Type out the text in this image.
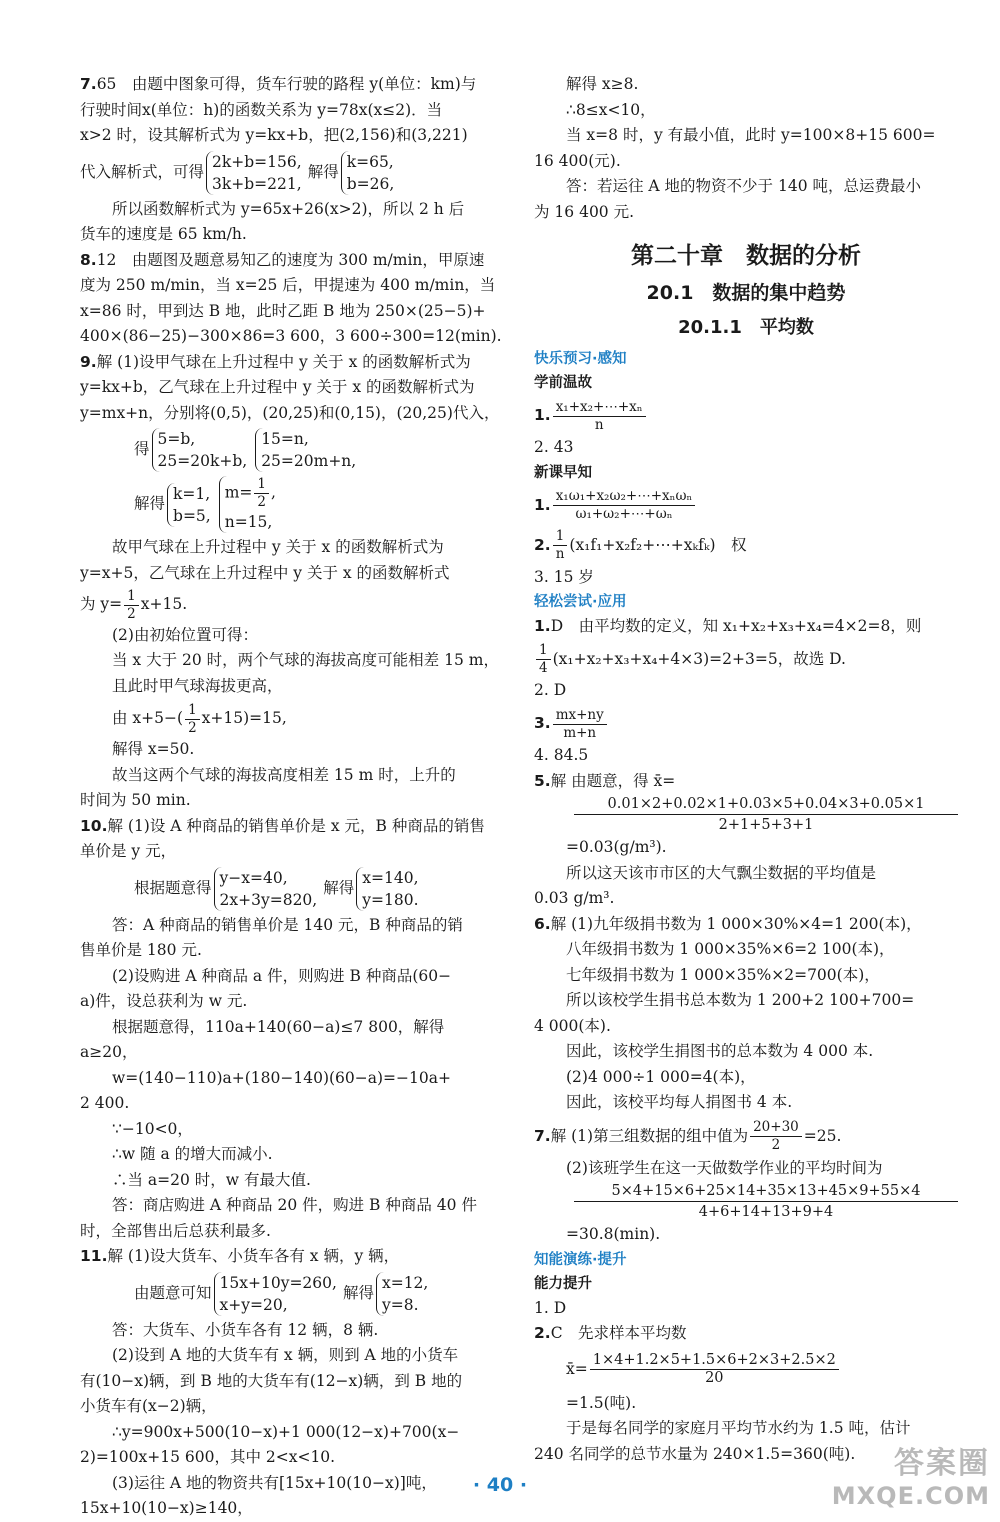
7.65　由题中图象可得，货车行驶的路程 y(单位：km)与
行驶时间x(单位：h)的函数关系为 y=78x(x≤2)．当
x>2 时，设其解析式为 y=kx+b，把(2,156)和(3,221)
代入解析式，可得
2k+b=156,
3k+b=221,
解得
k=65,
b=26,
所以函数解析式为 y=65x+26(x>2)，所以 2 h 后
货车的速度是 65 km/h.
8.12　由题图及题意易知乙的速度为 300 m/min，甲原速
度为 250 m/min，当 x=25 后，甲提速为 400 m/min，当
x=86 时，甲到达 B 地，此时乙距 B 地为 250×(25−5)+
400×(86−25)−300×86=3 600，3 600÷300=12(min).
9.解 (1)设甲气球在上升过程中 y 关于 x 的函数解析式为
y=kx+b，乙气球在上升过程中 y 关于 x 的函数解析式为
y=mx+n，分别将(0,5)，(20,25)和(0,15)，(20,25)代入，
得
5=b,
25=20k+b,
15=n,
25=20m+n,
解得
k=1,
b=5,
$m= \frac{1}{2}$ ,
n=15,
故甲气球在上升过程中 y 关于 x 的函数解析式为
y=x+5，乙气球在上升过程中 y 关于 x 的函数解析式
为 $y= \frac{1}{2} x+15$.
(2)由初始位置可得：
当 x 大于 20 时，两个气球的海拔高度可能相差 15 m，
且此时甲气球海拔更高，
由 $x+5-( \frac{1}{2} x+15)=15$,
解得 x=50.
故当这两个气球的海拔高度相差 15 m 时，上升的
时间为 50 min.
10.解 (1)设 A 种商品的销售单价是 x 元，B 种商品的销售
单价是 y 元，
根据题意得
y−x=40,
2x+3y=820,
解得
x=140,
y=180.
答：A 种商品的销售单价是 140 元，B 种商品的销
售单价是 180 元.
(2)设购进 A 种商品 a 件，则购进 B 种商品(60−
a)件，设总获利为 w 元.
根据题意得，110a+140(60−a)≤7 800，解得
a≥20，
w=(140−110)a+(180−140)(60−a)=−10a+
2 400.
∵−10<0，
∴w 随 a 的增大而减小.
∴当 a=20 时，w 有最大值.
答：商店购进 A 种商品 20 件，购进 B 种商品 40 件
时，全部售出后总获利最多.
11.解 (1)设大货车、小货车各有 x 辆，y 辆，
由题意可知
15x+10y=260,
x+y=20,
解得
x=12,
y=8.
答：大货车、小货车各有 12 辆，8 辆.
(2)设到 A 地的大货车有 x 辆，则到 A 地的小货车
有(10−x)辆，到 B 地的大货车有(12−x)辆，到 B 地的
小货车有(x−2)辆，
∴y=900x+500(10−x)+1 000(12−x)+700(x−
2)=100x+15 600，其中 2<x<10.
(3)运往 A 地的物资共有[15x+10(10−x)]吨，
15x+10(10−x)≥140，
解得 x≥8.
∴8≤x<10，
当 x=8 时，y 有最小值，此时 y=100×8+15 600=
16 400(元).
答：若运往 A 地的物资不少于 140 吨，总运费最小
为 16 400 元.
第二十章　数据的分析
20.1　数据的集中趋势
20.1.1　平均数
快乐预习·感知
学前温故
1. $\frac{\text{x₁+x₂+⋯+xₙ}}{n}$
2. 43
新课早知
1. $\frac{\text{x₁ω₁+x₂ω₂+⋯+xₙωₙ}}{\text{ω₁+ω₂+⋯+ωₙ}}$
2. $\frac{1}{n}$ (x₁f₁+x₂f₂+⋯+xₖfₖ)　权
3. 15 岁
轻松尝试·应用
1.D　由平均数的定义，知 x₁+x₂+x₃+x₄=4×2=8，则
$\frac{1}{4} (x_1+x_2+x_3+x_4+4\times 3)=2+3=5$，故选 D.
2. D
3. $\frac{mx+ny}{m+n}$
4. 84.5
5.解 由题意，得 x̄=
0.01×2+0.02×1+0.03×5+0.04×3+0.05×1
2+1+5+3+1
=0.03(g/m³).
所以这天该市市区的大气飘尘数据的平均值是
0.03 g/m³.
6.解 (1)九年级捐书数为 1 000×30%×4=1 200(本)，
八年级捐书数为 1 000×35%×6=2 100(本)，
七年级捐书数为 1 000×35%×2=700(本)，
所以该校学生捐书总本数为 1 200+2 100+700=
4 000(本).
因此，该校学生捐图书的总本数为 4 000 本.
(2)4 000÷1 000=4(本)，
因此，该校平均每人捐图书 4 本.
7.解 (1)第三组数据的组中值为 $\frac{20+30}{2} =25$.
(2)该班学生在这一天做数学作业的平均时间为
5×4+15×6+25×14+35×13+45×9+55×4
4+6+14+13+9+4
=30.8(min).
知能演练·提升
能力提升
1. D
2.C　先求样本平均数
x̄= $\frac{1\times 4+1.2\times 5+1.5\times 6+2\times 3+2.5\times 2}{20}$
=1.5(吨).
于是每名同学的家庭月平均节水约为 1.5 吨，估计
240 名同学的总节水量为 240×1.5=360(吨).
· 40 ·
答案圈
MXQE.COM
